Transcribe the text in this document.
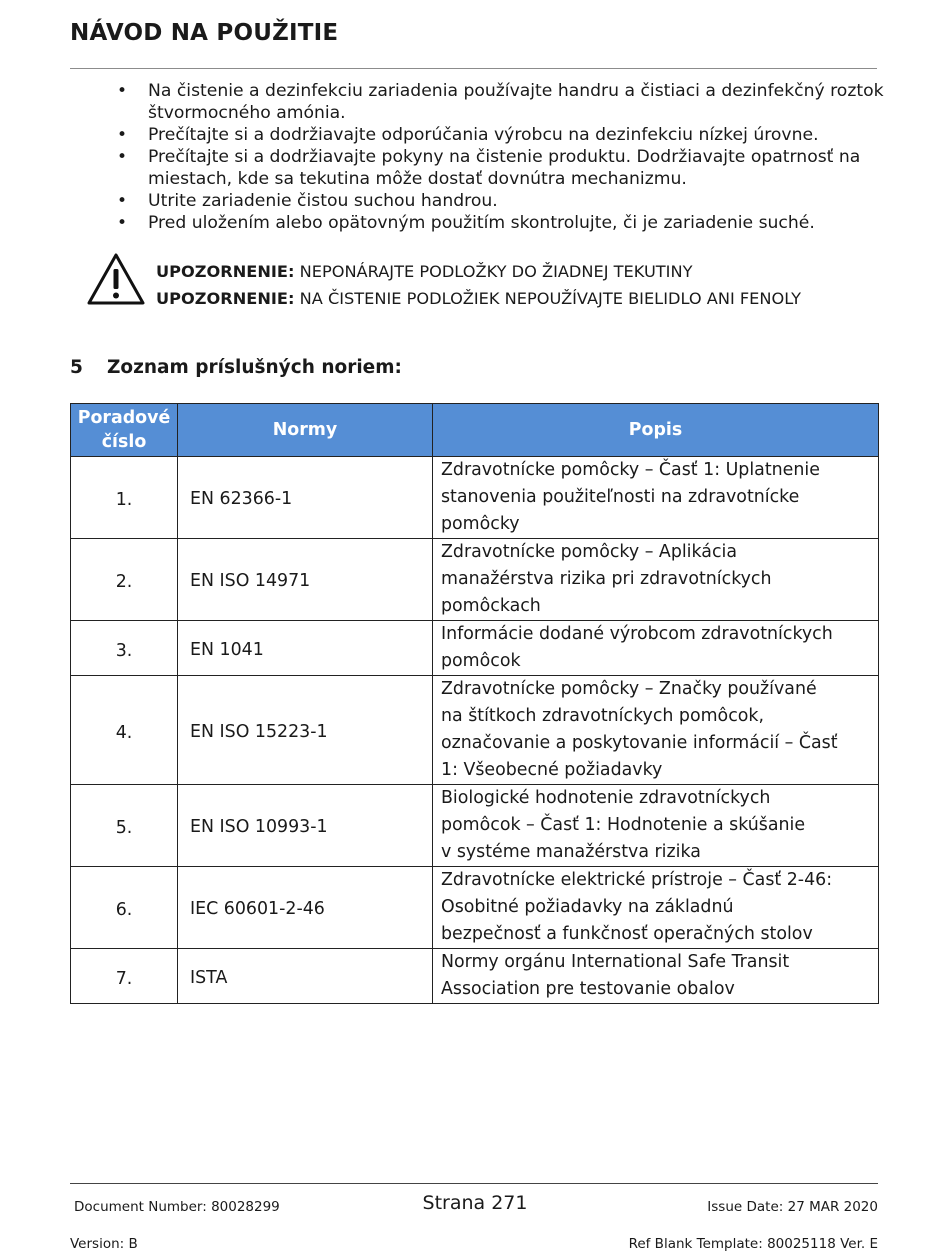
NÁVOD NA POUŽITIE
• Na čistenie a dezinfekciu zariadenia používajte handru a čistiaci a dezinfekčný roztok štvormocného amónia.
• Prečítajte si a dodržiavajte odporúčania výrobcu na dezinfekciu nízkej úrovne.
• Prečítajte si a dodržiavajte pokyny na čistenie produktu. Dodržiavajte opatrnosť na miestach, kde sa tekutina môže dostať dovnútra mechanizmu.
• Utrite zariadenie čistou suchou handrou.
• Pred uložením alebo opätovným použitím skontrolujte, či je zariadenie suché.
UPOZORNENIE: NEPONÁRAJTE PODLOŽKY DO ŽIADNEJ TEKUTINY
UPOZORNENIE: NA ČISTENIE PODLOŽIEK NEPOUŽÍVAJTE BIELIDLO ANI FENOLY
5 Zoznam príslušných noriem:
Poradové číslo	Normy	Popis
1.	EN 62366-1	Zdravotnícke pomôcky – Časť 1: Uplatnenie
stanovenia použiteľnosti na zdravotnícke
pomôcky

2.	EN ISO 14971	Zdravotnícke pomôcky – Aplikácia
manažérstva rizika pri zdravotníckych
pomôckach

3.	EN 1041	Informácie dodané výrobcom zdravotníckych
pomôcok

4.	EN ISO 15223-1	Zdravotnícke pomôcky – Značky používané
na štítkoch zdravotníckych pomôcok,
označovanie a poskytovanie informácií – Časť
1: Všeobecné požiadavky

5.	EN ISO 10993-1	Biologické hodnotenie zdravotníckych
pomôcok – Časť 1: Hodnotenie a skúšanie
v systéme manažérstva rizika

6.	IEC 60601-2-46	Zdravotnícke elektrické prístroje – Časť 2-46:
Osobitné požiadavky na základnú
bezpečnosť a funkčnosť operačných stolov

7.	ISTA	Normy orgánu International Safe Transit
Association pre testovanie obalov
Document Number: 80028299	Strana 271	Issue Date: 27 MAR 2020
Version: B	Ref Blank Template: 80025118 Ver. E
